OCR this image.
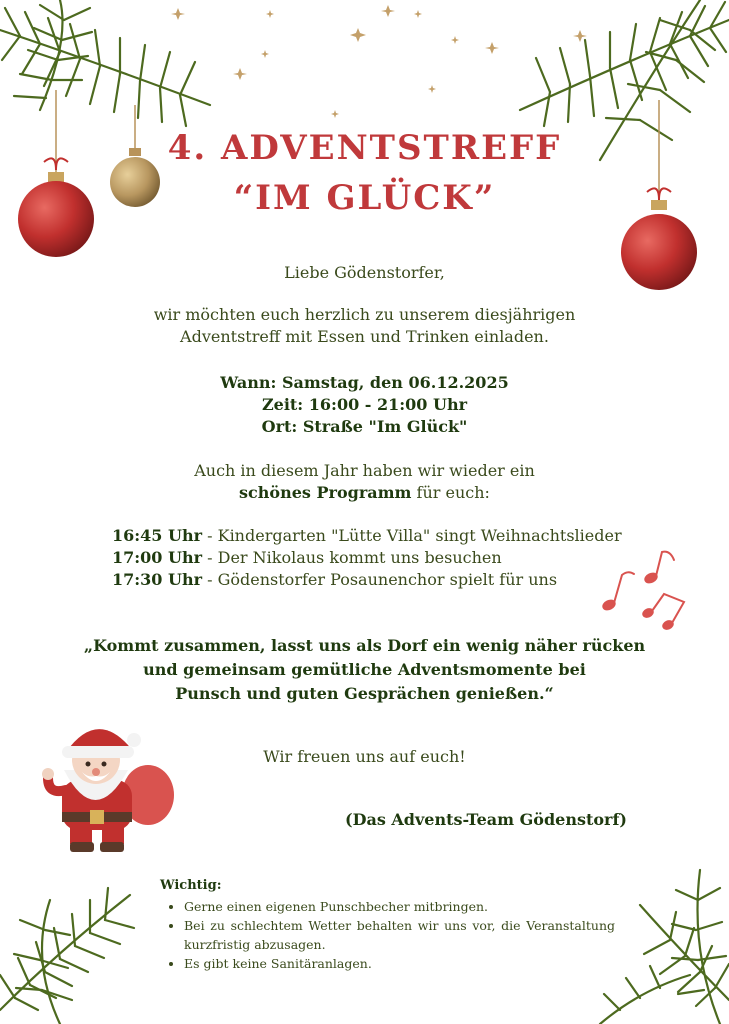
4. ADVENTSTREFF
“IM GLÜCK”
Liebe Gödenstorfer,
wir möchten euch herzlich zu unserem diesjährigen
Adventstreff mit Essen und Trinken einladen.
Wann: Samstag, den 06.12.2025
Zeit: 16:00 - 21:00 Uhr
Ort: Straße "Im Glück"
Auch in diesem Jahr haben wir wieder ein
schönes Programm für euch:
16:45 Uhr - Kindergarten "Lütte Villa" singt Weihnachtslieder
17:00 Uhr - Der Nikolaus kommt uns besuchen
17:30 Uhr - Gödenstorfer Posaunenchor spielt für uns
„Kommt zusammen, lasst uns als Dorf ein wenig näher rücken
und gemeinsam gemütliche Adventsmomente bei
Punsch und guten Gesprächen genießen.“
Wir freuen uns auf euch!
(Das Advents-Team Gödenstorf)
Wichtig:
• Gerne einen eigenen Punschbecher mitbringen.
• Bei zu schlechtem Wetter behalten wir uns vor, die Veranstaltung kurzfristig abzusagen.
• Es gibt keine Sanitäranlagen.
